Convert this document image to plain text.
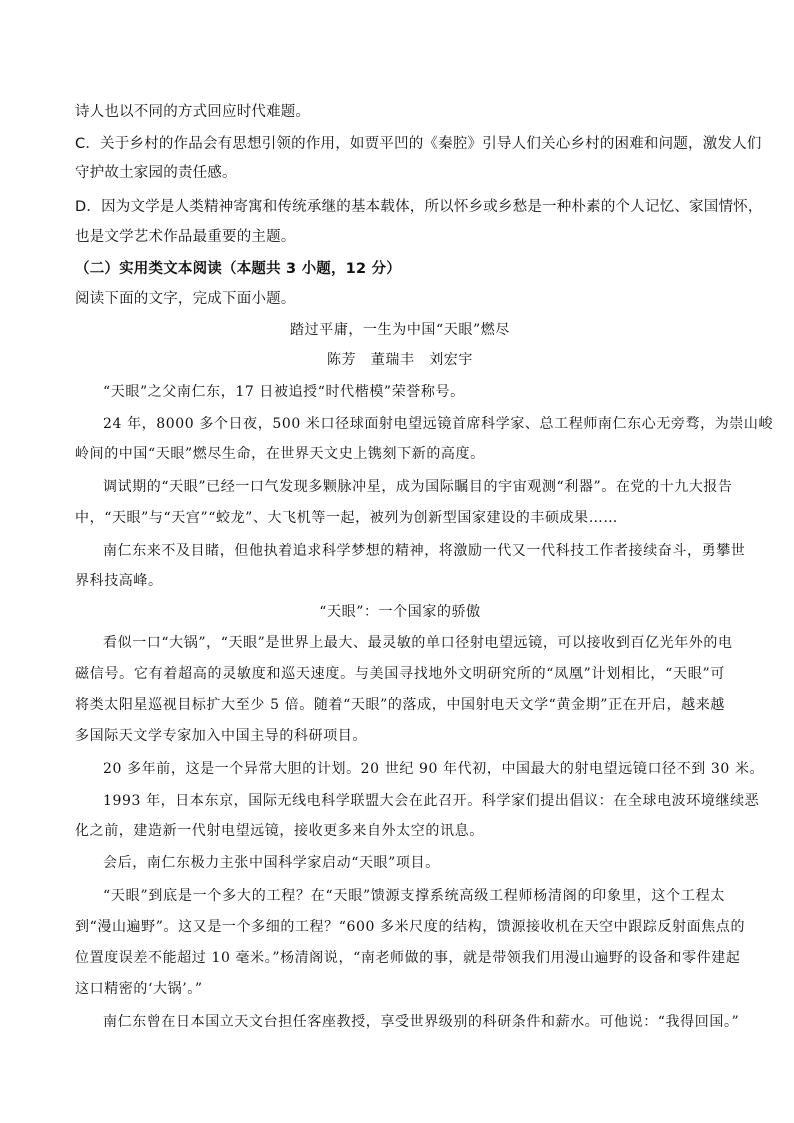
诗人也以不同的方式回应时代难题。

C．关于乡村的作品会有思想引领的作用，如贾平凹的《秦腔》引导人们关心乡村的困难和问题，激发人们

守护故土家园的责任感。

D．因为文学是人类精神寄寓和传统承继的基本载体，所以怀乡或乡愁是一种朴素的个人记忆、家国情怀，

也是文学艺术作品最重要的主题。

（二）实用类文本阅读（本题共 3 小题，12 分）

阅读下面的文字，完成下面小题。

踏过平庸，一生为中国“天眼”燃尽

陈芳　董瑞丰　刘宏宇

“天眼”之父南仁东，17 日被追授“时代楷模”荣誉称号。

24 年，8000 多个日夜，500 米口径球面射电望远镜首席科学家、总工程师南仁东心无旁骛，为崇山峻

岭间的中国“天眼”燃尽生命，在世界天文史上镌刻下新的高度。

调试期的“天眼”已经一口气发现多颗脉冲星，成为国际瞩目的宇宙观测“利器”。在党的十九大报告

中，“天眼”与“天宫”“蛟龙”、大飞机等一起，被列为创新型国家建设的丰硕成果……

南仁东来不及目睹，但他执着追求科学梦想的精神，将激励一代又一代科技工作者接续奋斗，勇攀世

界科技高峰。

“天眼”：一个国家的骄傲

看似一口“大锅”，“天眼”是世界上最大、最灵敏的单口径射电望远镜，可以接收到百亿光年外的电

磁信号。它有着超高的灵敏度和巡天速度。与美国寻找地外文明研究所的“凤凰”计划相比，“天眼”可

将类太阳星巡视目标扩大至少 5 倍。随着“天眼”的落成，中国射电天文学“黄金期”正在开启，越来越

多国际天文学专家加入中国主导的科研项目。

20 多年前，这是一个异常大胆的计划。20 世纪 90 年代初，中国最大的射电望远镜口径不到 30 米。

1993 年，日本东京，国际无线电科学联盟大会在此召开。科学家们提出倡议：在全球电波环境继续恶

化之前，建造新一代射电望远镜，接收更多来自外太空的讯息。

会后，南仁东极力主张中国科学家启动“天眼”项目。

“天眼”到底是一个多大的工程？在“天眼”馈源支撑系统高级工程师杨清阁的印象里，这个工程太

到“漫山遍野”。这又是一个多细的工程？“600 多米尺度的结构，馈源接收机在天空中跟踪反射面焦点的

位置度误差不能超过 10 毫米。”杨清阁说，“南老师做的事，就是带领我们用漫山遍野的设备和零件建起

这口精密的‘大锅’。”

南仁东曾在日本国立天文台担任客座教授，享受世界级别的科研条件和薪水。可他说：“我得回国。”
